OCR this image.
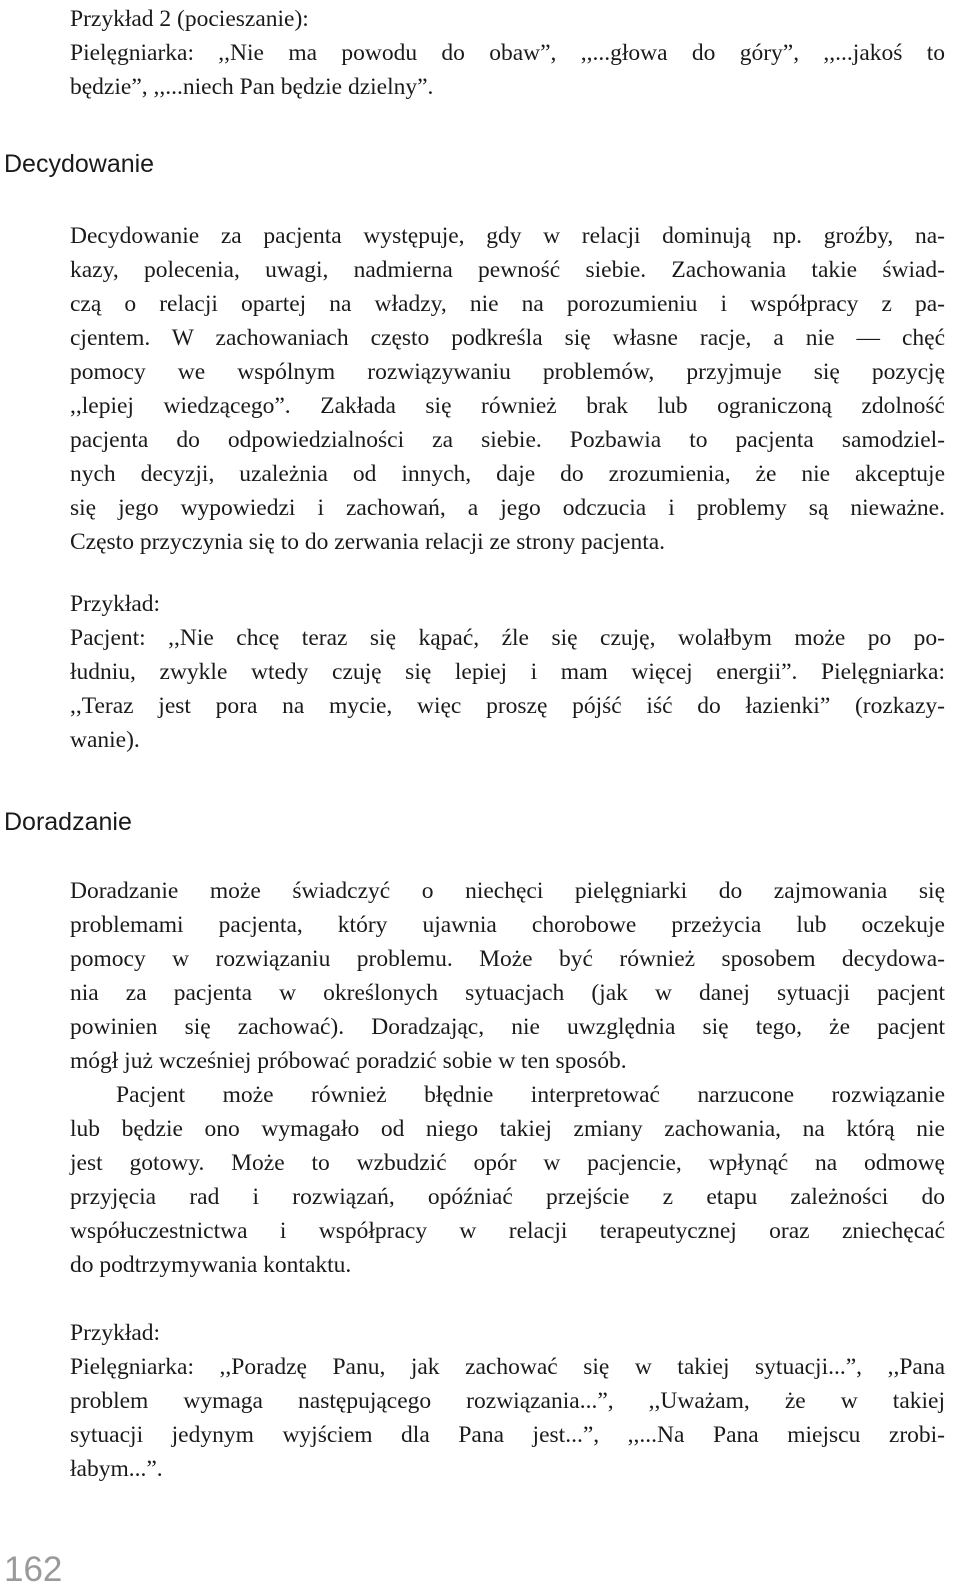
Przykład 2 (pocieszanie):
Pielęgniarka: ,,Nie ma powodu do obaw”, ,,...głowa do góry”, ,,...jakoś to
będzie”, ,,...niech Pan będzie dzielny”.
Decydowanie
Decydowanie za pacjenta występuje, gdy w relacji dominują np. groźby, na-
kazy, polecenia, uwagi, nadmierna pewność siebie. Zachowania takie świad-
czą o relacji opartej na władzy, nie na porozumieniu i współpracy z pa-
cjentem. W zachowaniach często podkreśla się własne racje, a nie — chęć
pomocy we wspólnym rozwiązywaniu problemów, przyjmuje się pozycję
,,lepiej wiedzącego”. Zakłada się również brak lub ograniczoną zdolność
pacjenta do odpowiedzialności za siebie. Pozbawia to pacjenta samodziel-
nych decyzji, uzależnia od innych, daje do zrozumienia, że nie akceptuje
się jego wypowiedzi i zachowań, a jego odczucia i problemy są nieważne.
Często przyczynia się to do zerwania relacji ze strony pacjenta.
Przykład:
Pacjent: ,,Nie chcę teraz się kąpać, źle się czuję, wolałbym może po po-
łudniu, zwykle wtedy czuję się lepiej i mam więcej energii”. Pielęgniarka:
,,Teraz jest pora na mycie, więc proszę pójść iść do łazienki” (rozkazy-
wanie).
Doradzanie
Doradzanie może świadczyć o niechęci pielęgniarki do zajmowania się
problemami pacjenta, który ujawnia chorobowe przeżycia lub oczekuje
pomocy w rozwiązaniu problemu. Może być również sposobem decydowa-
nia za pacjenta w określonych sytuacjach (jak w danej sytuacji pacjent
powinien się zachować). Doradzając, nie uwzględnia się tego, że pacjent
mógł już wcześniej próbować poradzić sobie w ten sposób.
Pacjent może również błędnie interpretować narzucone rozwiązanie
lub będzie ono wymagało od niego takiej zmiany zachowania, na którą nie
jest gotowy. Może to wzbudzić opór w pacjencie, wpłynąć na odmowę
przyjęcia rad i rozwiązań, opóźniać przejście z etapu zależności do
współuczestnictwa i współpracy w relacji terapeutycznej oraz zniechęcać
do podtrzymywania kontaktu.
Przykład:
Pielęgniarka: ,,Poradzę Panu, jak zachować się w takiej sytuacji...”, ,,Pana
problem wymaga następującego rozwiązania...”, ,,Uważam, że w takiej
sytuacji jedynym wyjściem dla Pana jest...”, ,,...Na Pana miejscu zrobi-
łabym...”.
162
